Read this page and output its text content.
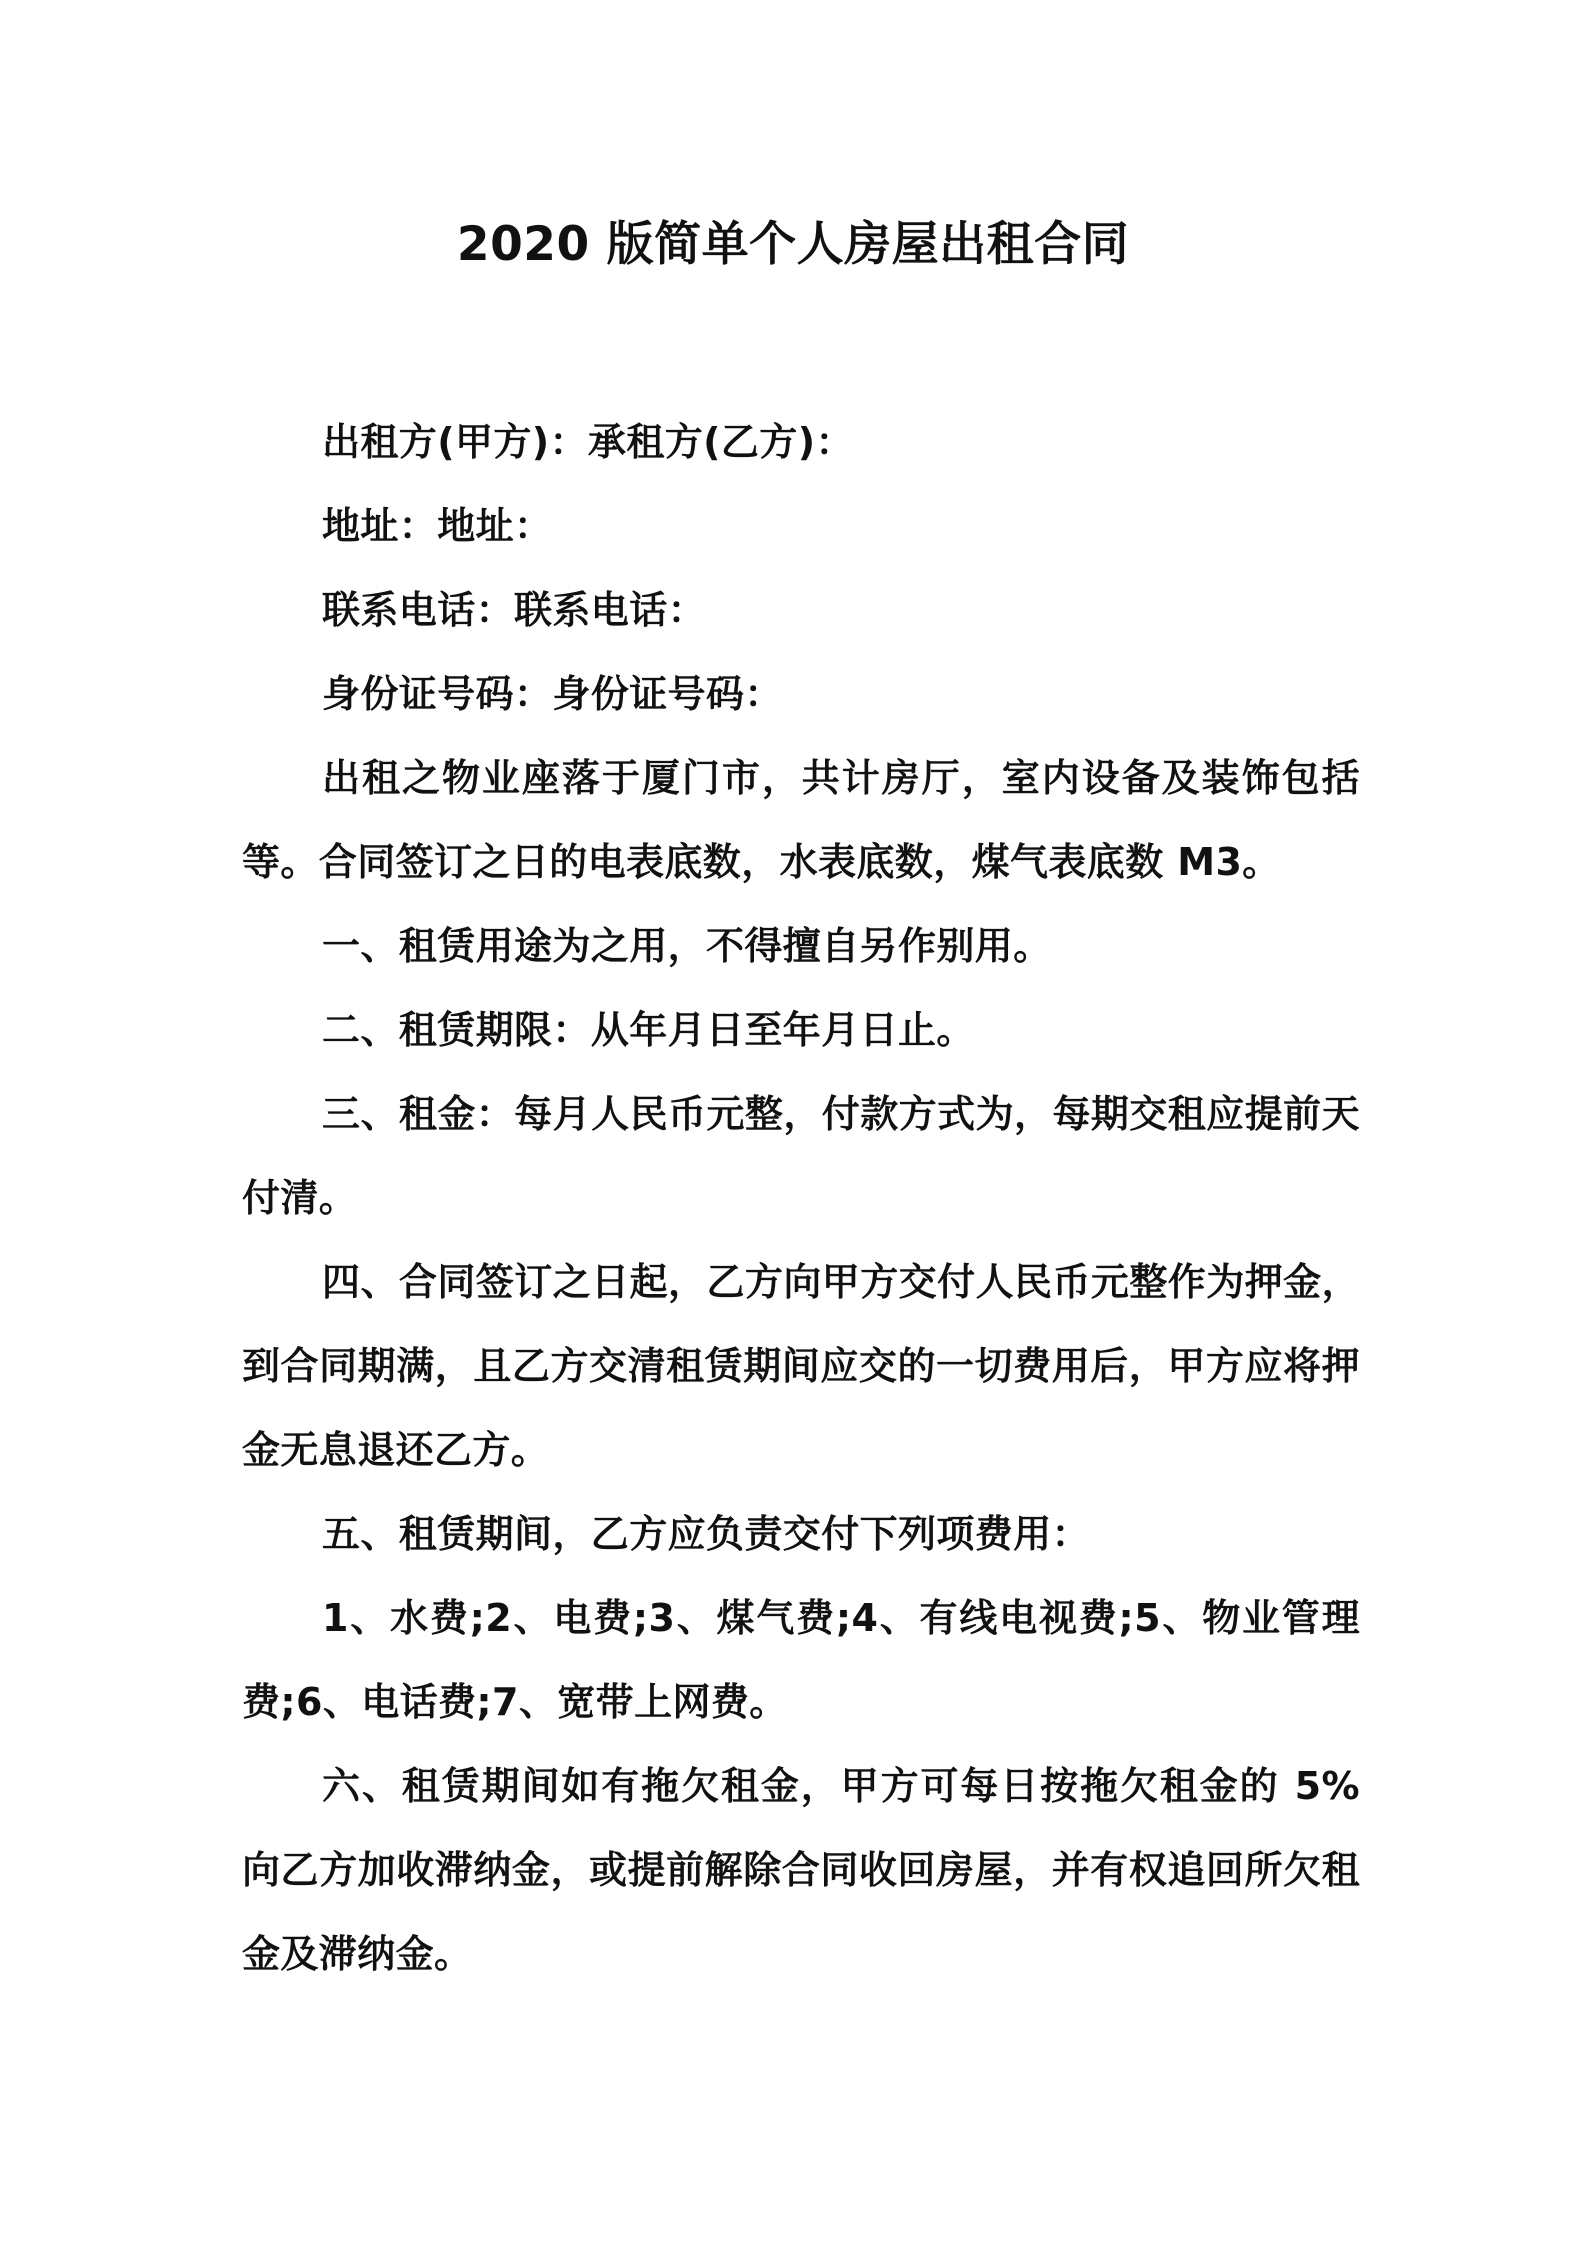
2020 版简单个人房屋出租合同

出租方(甲方)：承租方(乙方)：

地址：地址：

联系电话：联系电话：

身份证号码：身份证号码：

出租之物业座落于厦门市，共计房厅，室内设备及装饰包括等。合同签订之日的电表底数，水表底数，煤气表底数 M3。

一、租赁用途为之用，不得擅自另作别用。

二、租赁期限：从年月日至年月日止。

三、租金：每月人民币元整，付款方式为，每期交租应提前天付清。

四、合同签订之日起，乙方向甲方交付人民币元整作为押金，到合同期满，且乙方交清租赁期间应交的一切费用后，甲方应将押金无息退还乙方。

五、租赁期间，乙方应负责交付下列项费用：

1、水费;2、电费;3、煤气费;4、有线电视费;5、物业管理费;6、电话费;7、宽带上网费。

六、租赁期间如有拖欠租金，甲方可每日按拖欠租金的 5%向乙方加收滞纳金，或提前解除合同收回房屋，并有权追回所欠租金及滞纳金。
